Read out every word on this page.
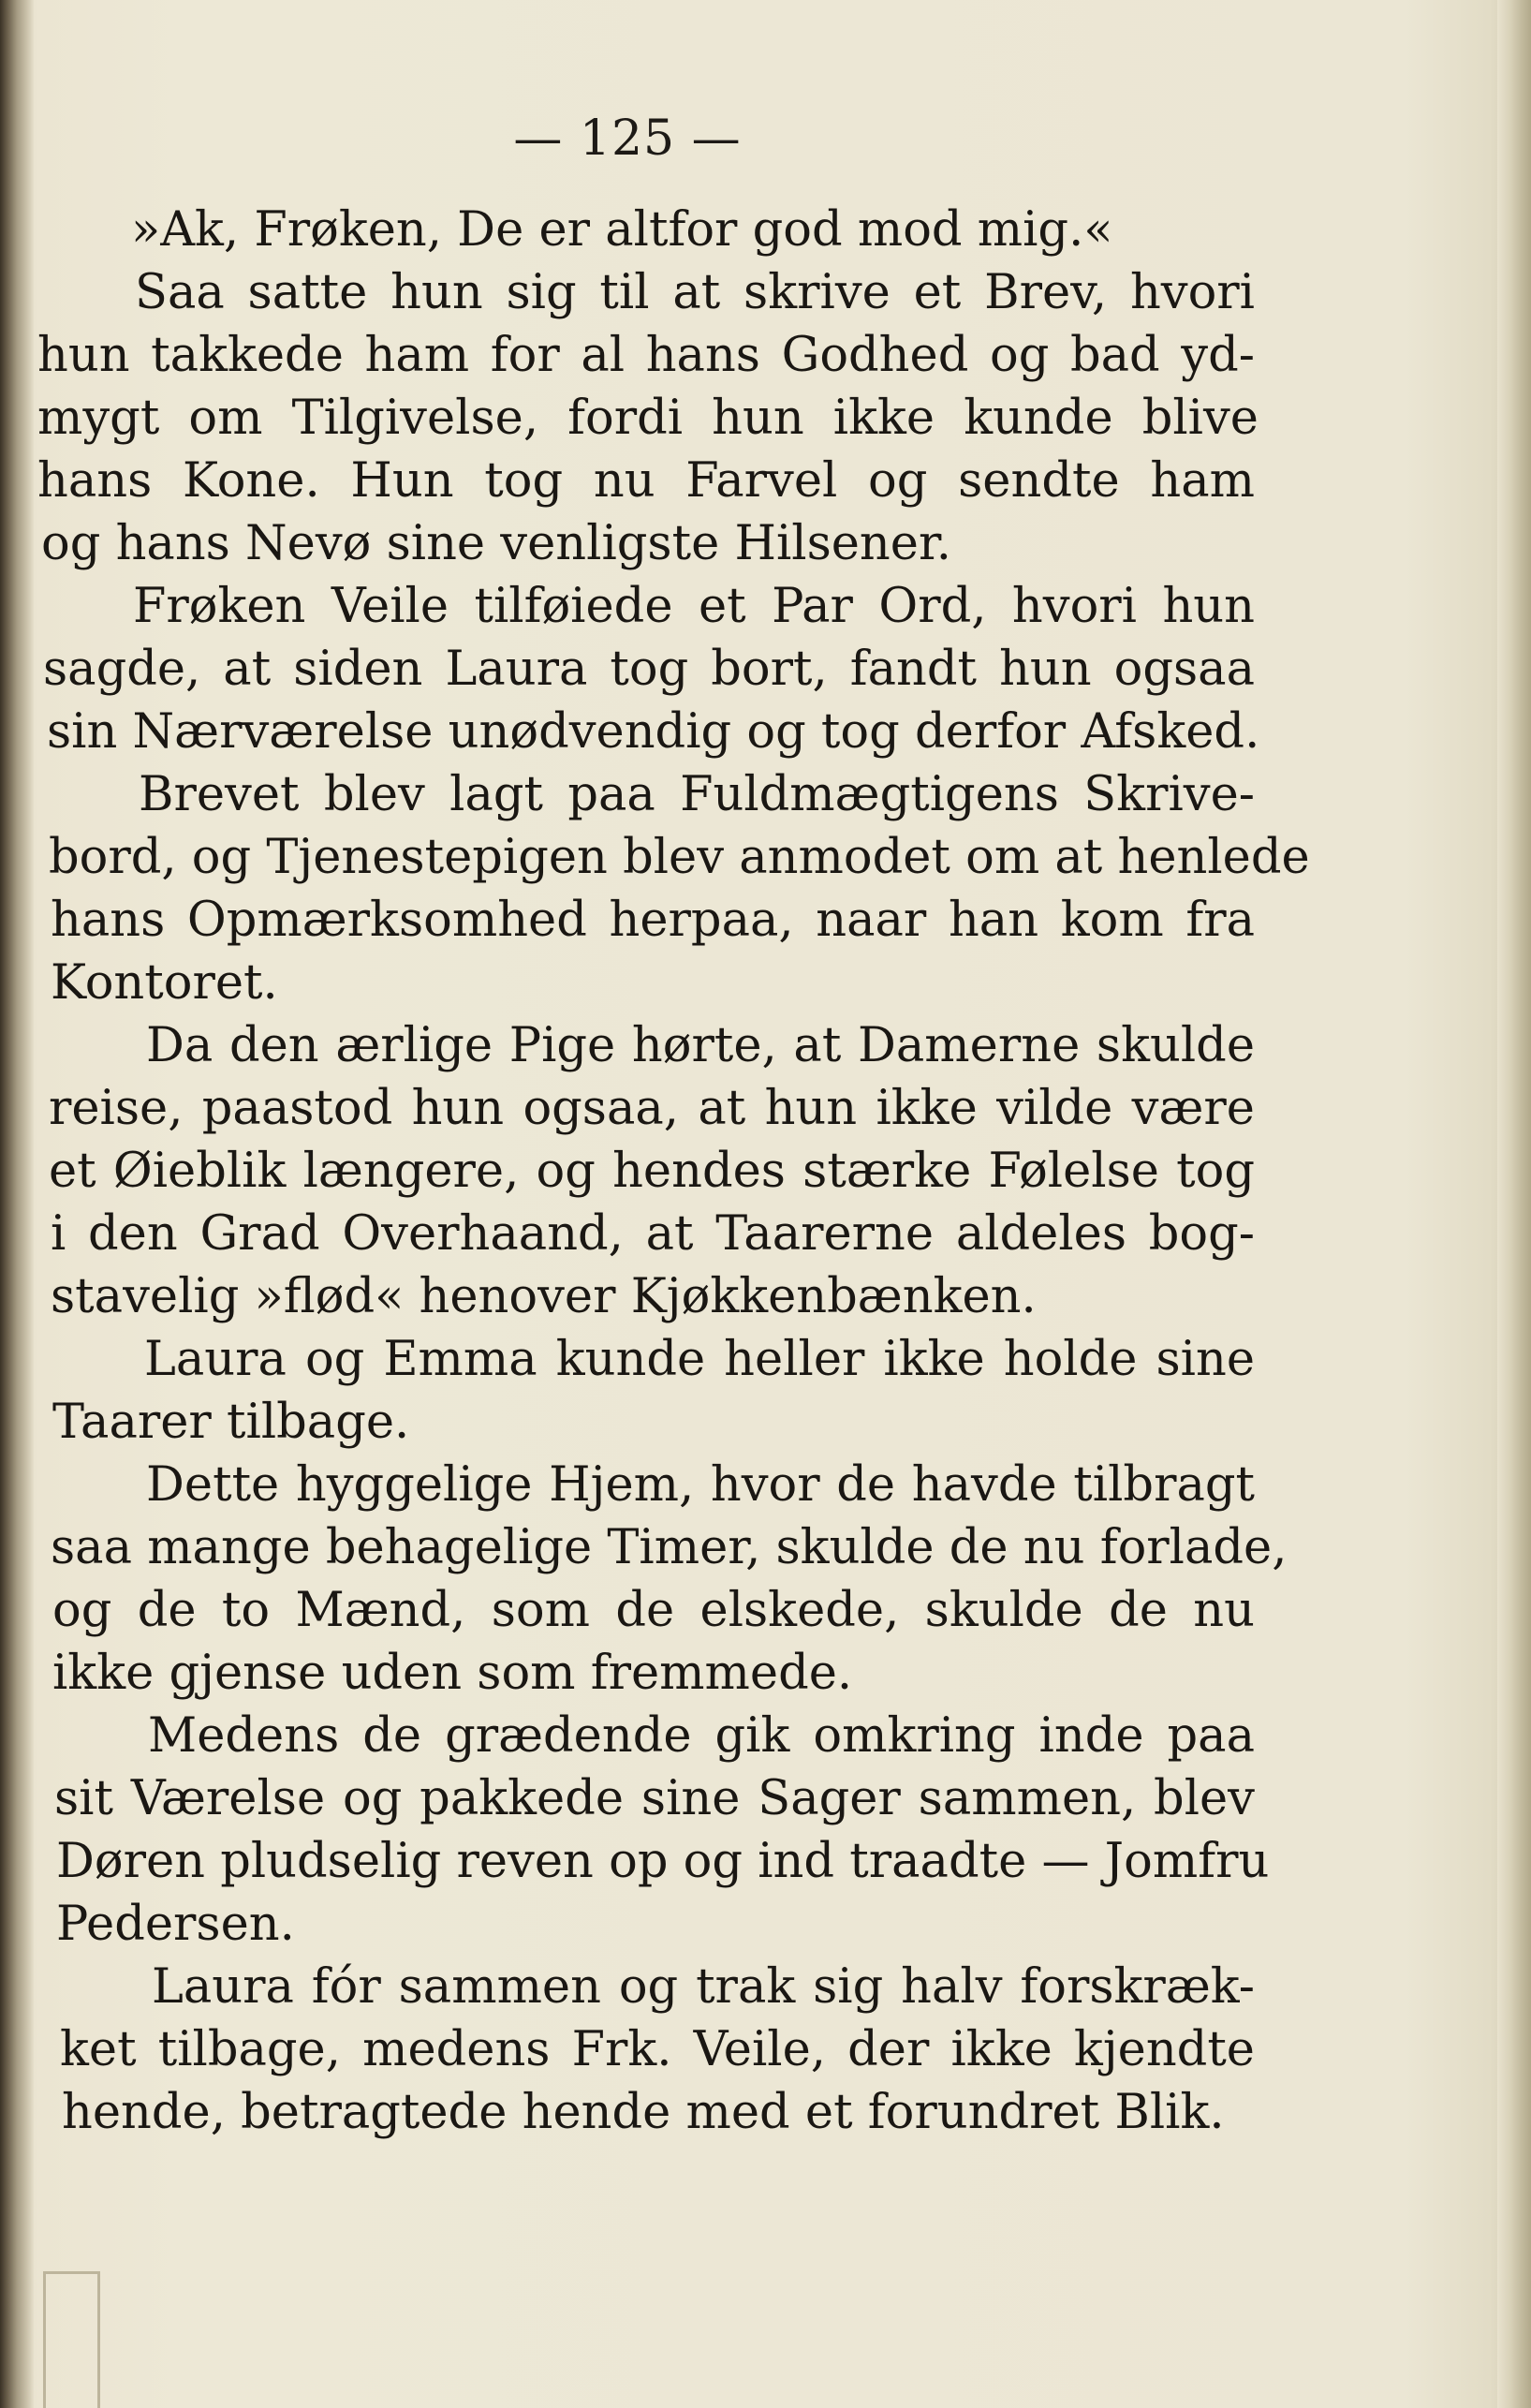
— 125 —
»Ak, Frøken, De er altfor god mod mig.«
Saa satte hun sig til at skrive et Brev, hvori
hun takkede ham for al hans Godhed og bad yd-
mygt om Tilgivelse, fordi hun ikke kunde blive
hans Kone. Hun tog nu Farvel og sendte ham
og hans Nevø sine venligste Hilsener.
Frøken Veile tilføiede et Par Ord, hvori hun
sagde, at siden Laura tog bort, fandt hun ogsaa
sin Nærværelse unødvendig og tog derfor Afsked.
Brevet blev lagt paa Fuldmægtigens Skrive-
bord, og Tjenestepigen blev anmodet om at henlede
hans Opmærksomhed herpaa, naar han kom fra
Kontoret.
Da den ærlige Pige hørte, at Damerne skulde
reise, paastod hun ogsaa, at hun ikke vilde være
et Øieblik længere, og hendes stærke Følelse tog
i den Grad Overhaand, at Taarerne aldeles bog-
stavelig »flød« henover Kjøkkenbænken.
Laura og Emma kunde heller ikke holde sine
Taarer tilbage.
Dette hyggelige Hjem, hvor de havde tilbragt
saa mange behagelige Timer, skulde de nu forlade,
og de to Mænd, som de elskede, skulde de nu
ikke gjense uden som fremmede.
Medens de grædende gik omkring inde paa
sit Værelse og pakkede sine Sager sammen, blev
Døren pludselig reven op og ind traadte — Jomfru
Pedersen.
Laura fór sammen og trak sig halv forskræk-
ket tilbage, medens Frk. Veile, der ikke kjendte
hende, betragtede hende med et forundret Blik.
